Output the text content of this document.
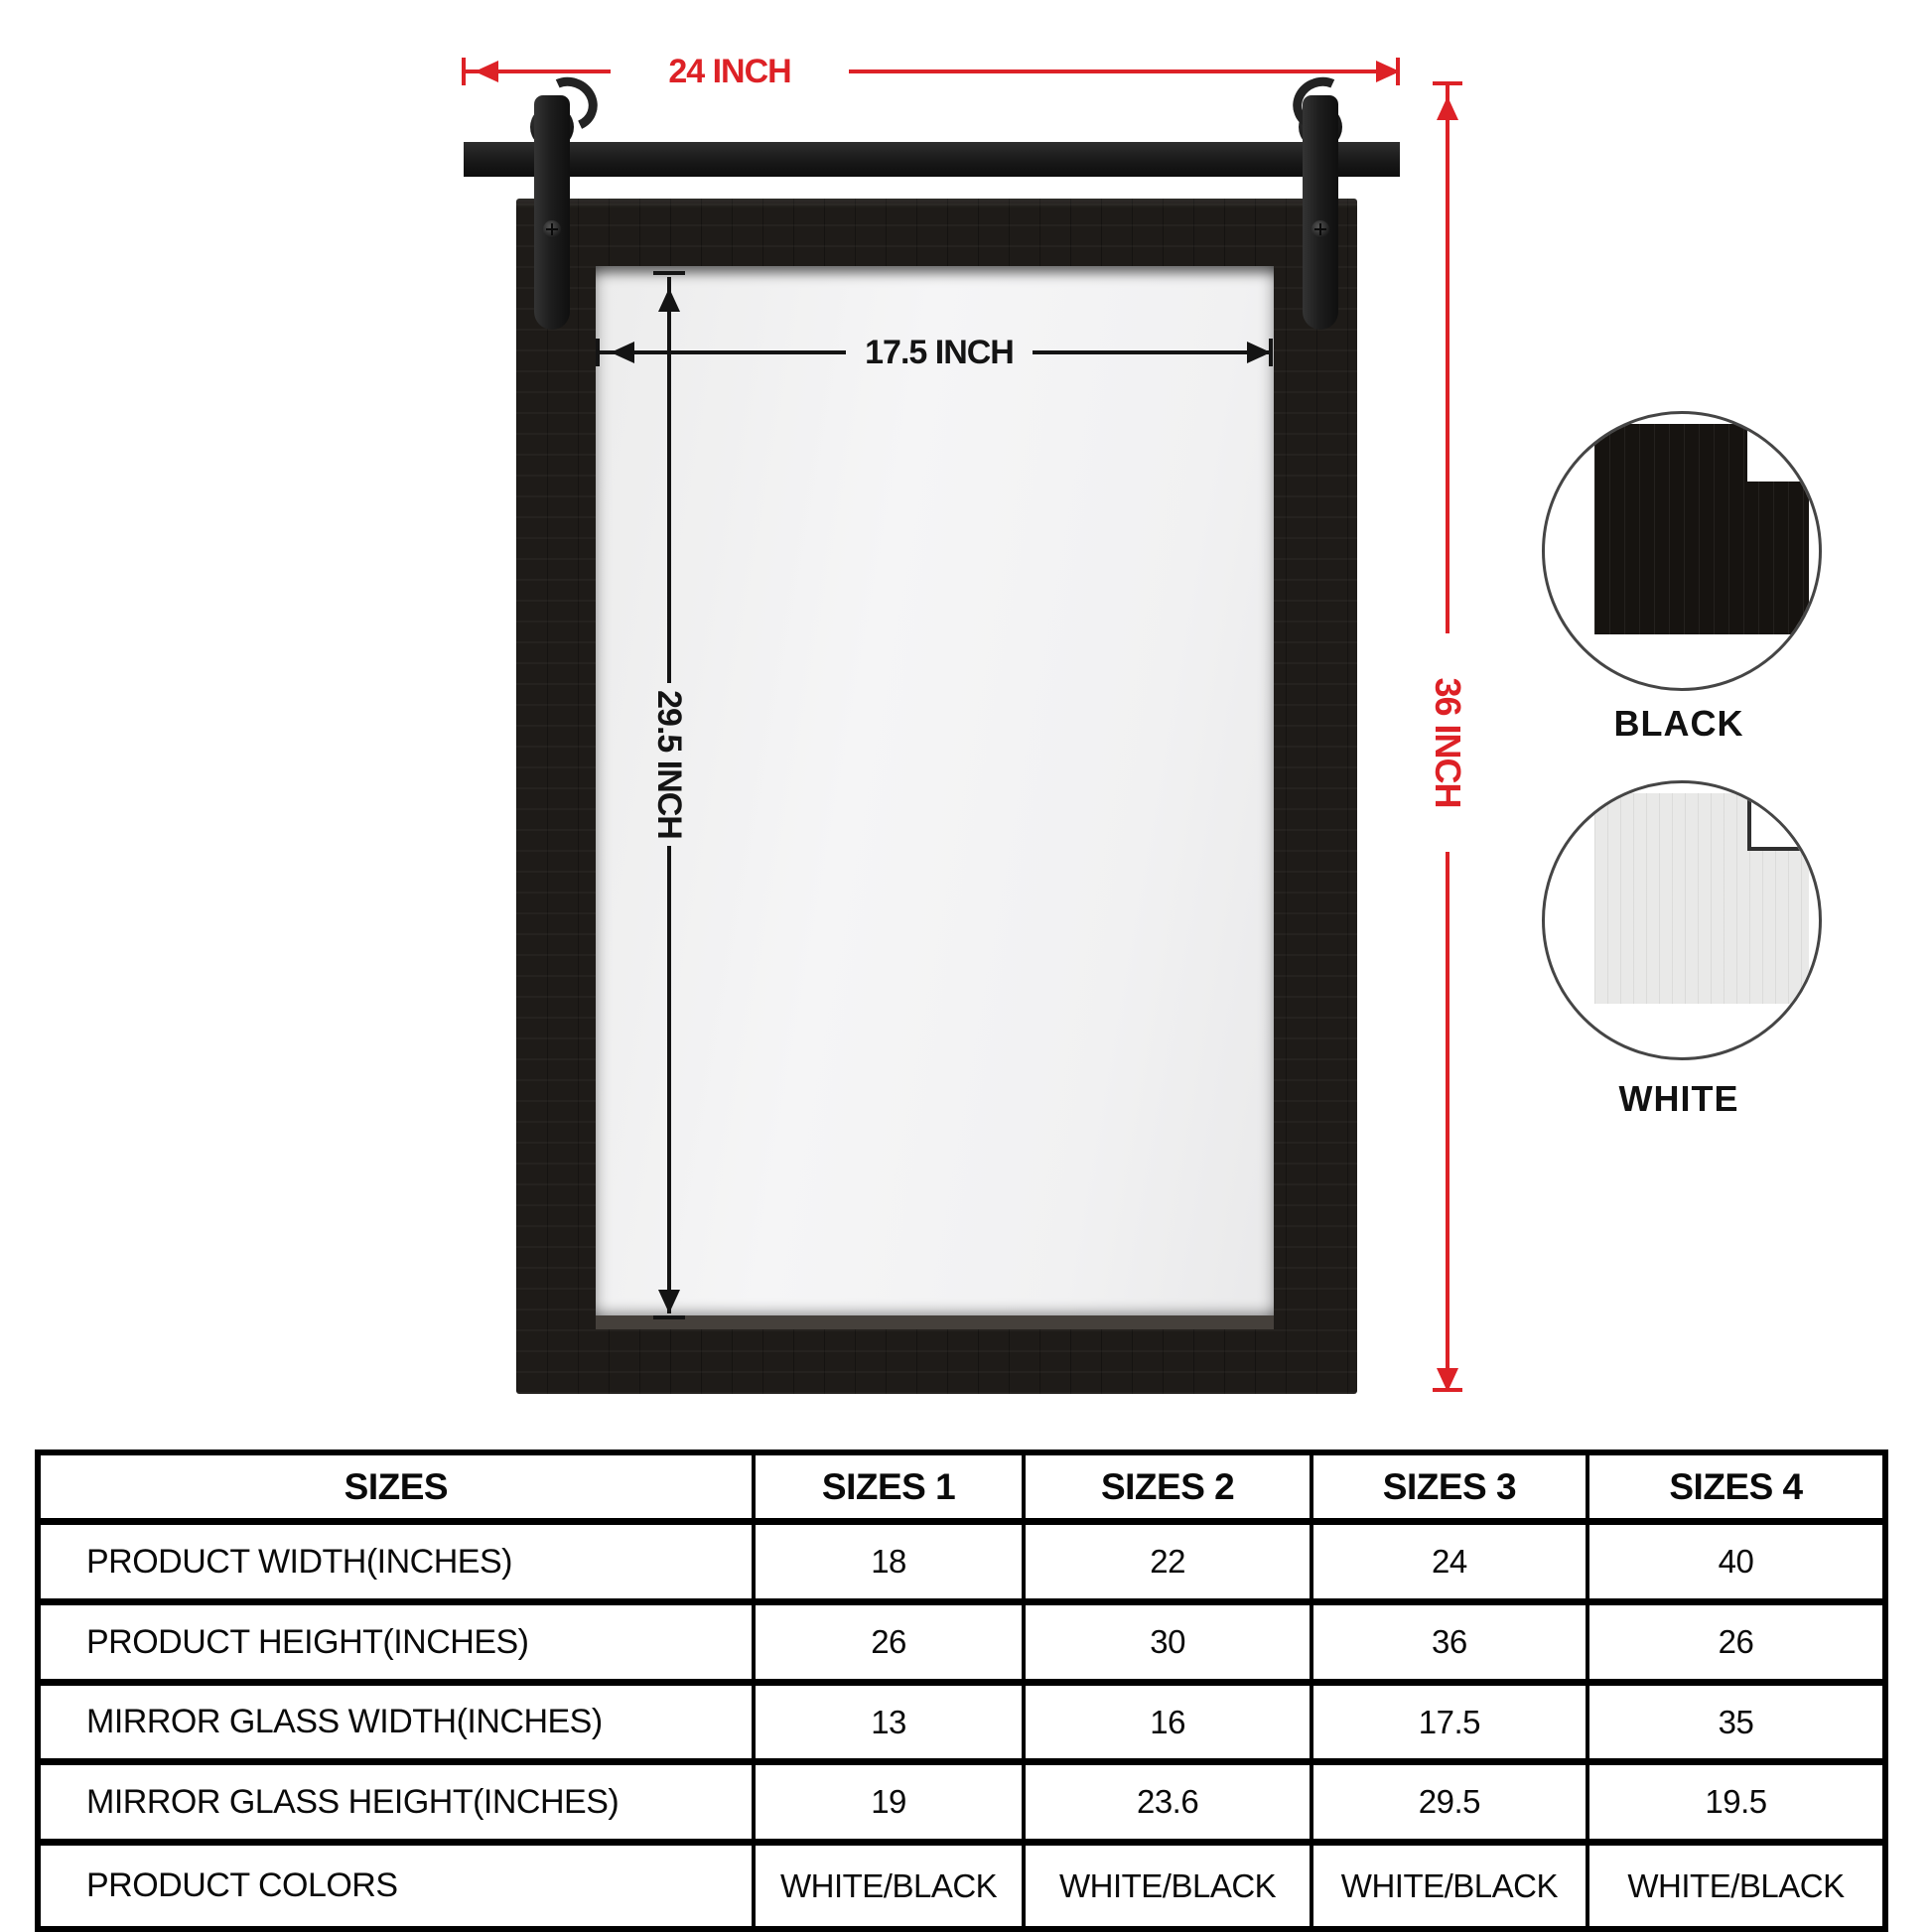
24 INCH
36 INCH
17.5 INCH
29.5 INCH	BLACK
WHITE
SIZES	SIZES 1	SIZES 2	SIZES 3	SIZES 4
PRODUCT WIDTH(INCHES)	18	22	24	40
PRODUCT HEIGHT(INCHES)	26	30	36	26
MIRROR GLASS WIDTH(INCHES)	13	16	17.5	35
MIRROR GLASS HEIGHT(INCHES)	19	23.6	29.5	19.5
PRODUCT COLORS	WHITE/BLACK	WHITE/BLACK	WHITE/BLACK	WHITE/BLACK
